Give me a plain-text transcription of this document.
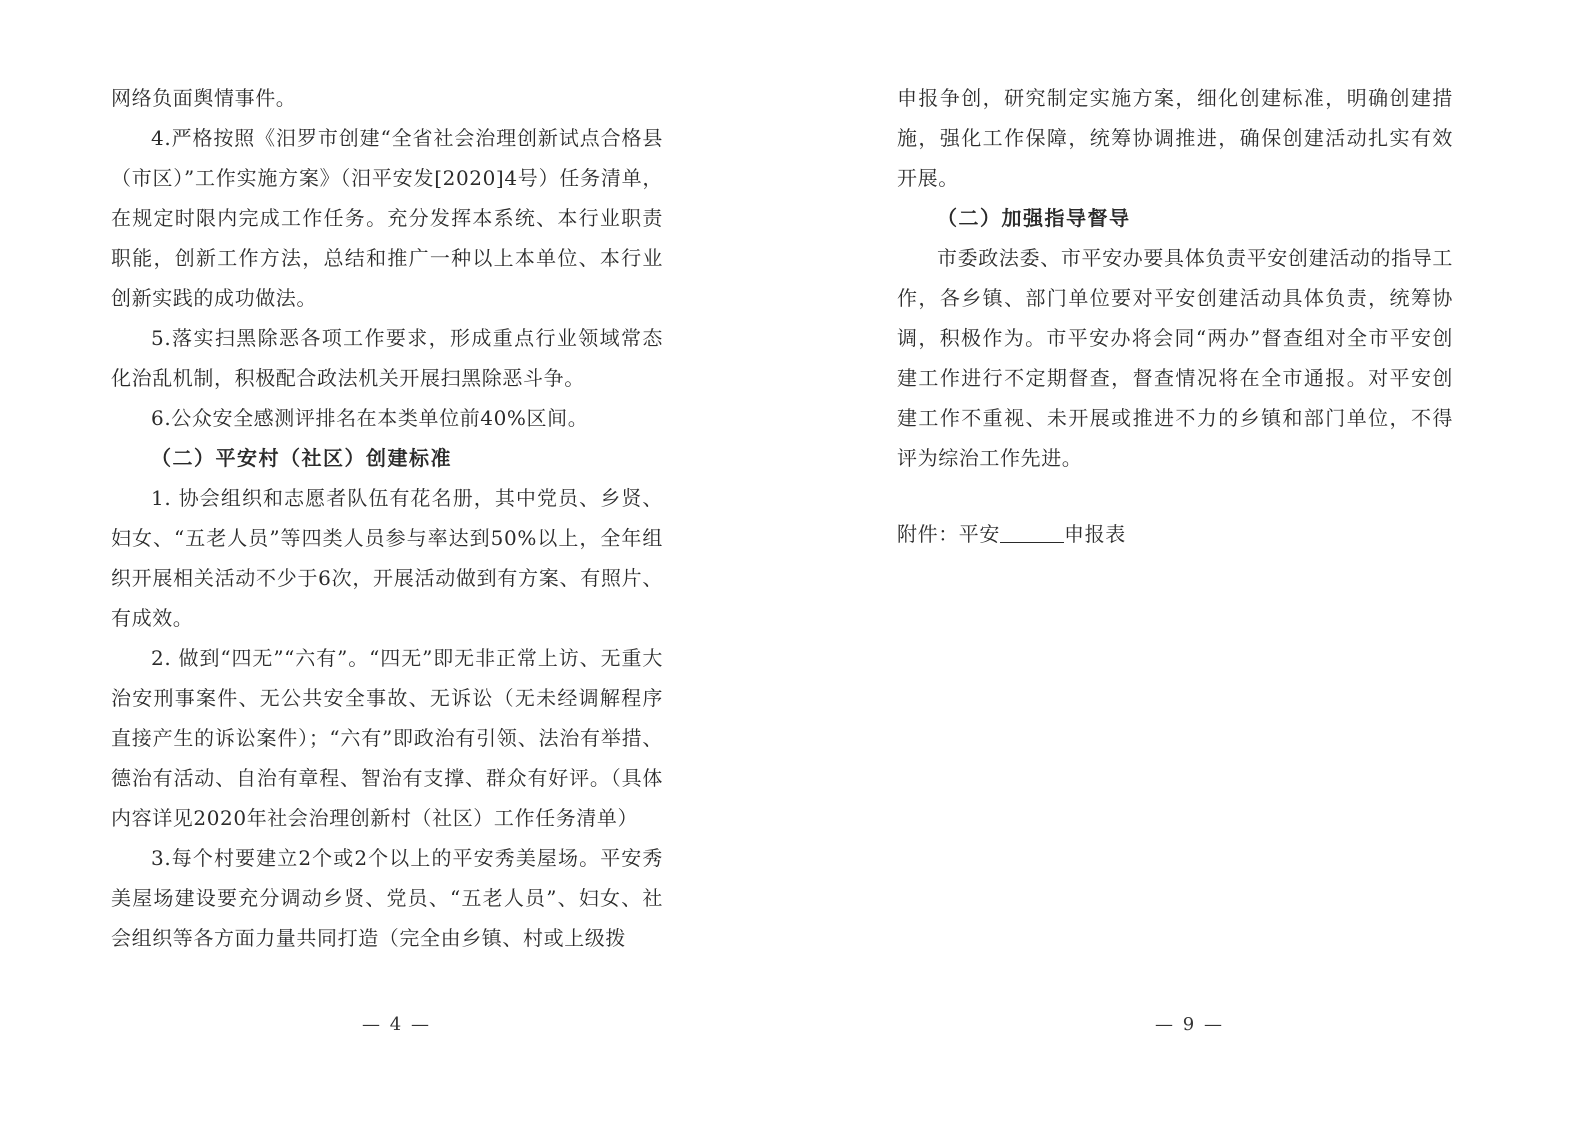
网络负面舆情事件。

4.严格按照《汨罗市创建“全省社会治理创新试点合格县（市区）”工作实施方案》（汨平安发[2020]4号）任务清单，在规定时限内完成工作任务。充分发挥本系统、本行业职责职能，创新工作方法，总结和推广一种以上本单位、本行业创新实践的成功做法。

5.落实扫黑除恶各项工作要求，形成重点行业领域常态化治乱机制，积极配合政法机关开展扫黑除恶斗争。

6.公众安全感测评排名在本类单位前40%区间。

（二）平安村（社区）创建标准

1. 协会组织和志愿者队伍有花名册，其中党员、乡贤、妇女、“五老人员”等四类人员参与率达到50%以上，全年组织开展相关活动不少于6次，开展活动做到有方案、有照片、有成效。

2. 做到“四无”“六有”。“四无”即无非正常上访、无重大治安刑事案件、无公共安全事故、无诉讼（无未经调解程序直接产生的诉讼案件）；“六有”即政治有引领、法治有举措、德治有活动、自治有章程、智治有支撑、群众有好评。（具体内容详见2020年社会治理创新村（社区）工作任务清单）

3.每个村要建立2个或2个以上的平安秀美屋场。平安秀美屋场建设要充分调动乡贤、党员、“五老人员”、妇女、社会组织等各方面力量共同打造（完全由乡镇、村或上级拨

— 4 —

申报争创，研究制定实施方案，细化创建标准，明确创建措施，强化工作保障，统筹协调推进，确保创建活动扎实有效开展。

（二）加强指导督导

市委政法委、市平安办要具体负责平安创建活动的指导工作，各乡镇、部门单位要对平安创建活动具体负责，统筹协调，积极作为。市平安办将会同“两办”督查组对全市平安创建工作进行不定期督查，督查情况将在全市通报。对平安创建工作不重视、未开展或推进不力的乡镇和部门单位，不得评为综治工作先进。

附件：平安	申报表

— 9 —
